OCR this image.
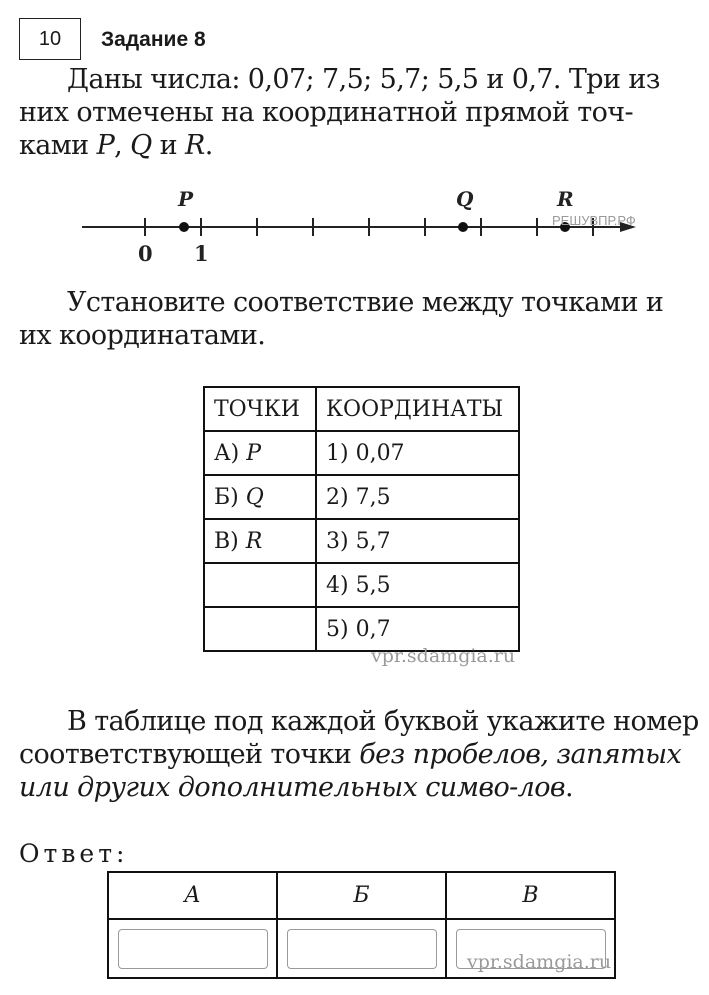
10 Задание 8
Даны числа: 0,07; 7,5; 5,7; 5,5 и 0,7. Три из них отмечены на координатной прямой точ-ками P, Q и R.
P	Q	R
0 1
РЕШУВПР.РФ
Установите соответствие между точками и их координатами.
ТОЧКИ	КООРДИНАТЫ
А) P	1) 0,07
Б) Q	2) 7,5
В) R	3) 5,7
	4) 5,5
	5) 0,7
vpr.sdamgia.ru
В таблице под каждой буквой укажите номер соответствующей точки без пробелов, запятых или других дополнительных симво-лов.
Ответ:
А	Б	В

vpr.sdamgia.ru
